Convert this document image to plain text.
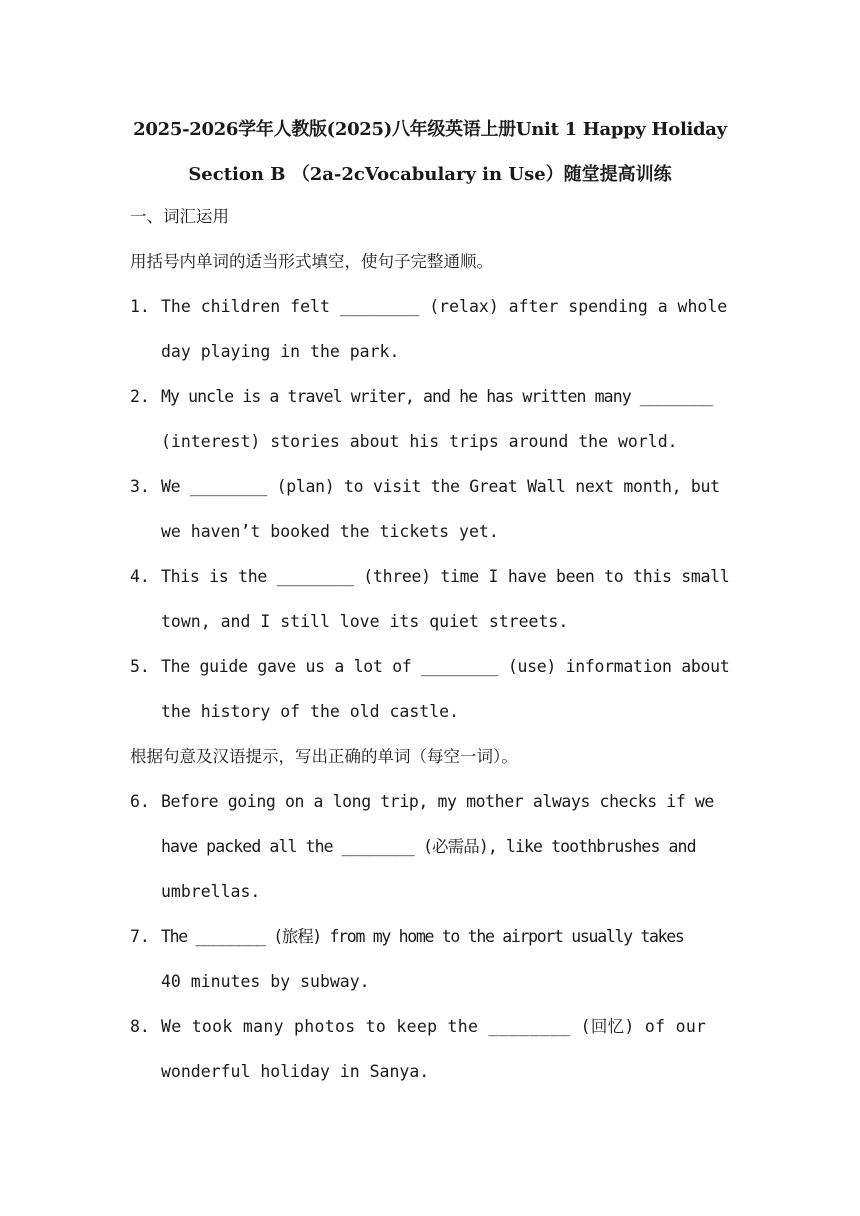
2025-2026学年人教版(2025)八年级英语上册Unit 1 Happy Holiday
Section B （2a-2cVocabulary in Use）随堂提高训练
一、词汇运用
用括号内单词的适当形式填空，使句子完整通顺。
1. The children felt ________ (relax) after spending a whole
day playing in the park.
2. My uncle is a travel writer, and he has written many ________
(interest) stories about his trips around the world.
3. We ________ (plan) to visit the Great Wall next month, but
we haven’t booked the tickets yet.
4. This is the ________ (three) time I have been to this small
town, and I still love its quiet streets.
5. The guide gave us a lot of ________ (use) information about
the history of the old castle.
根据句意及汉语提示，写出正确的单词（每空一词）。
6. Before going on a long trip, my mother always checks if we
have packed all the ________ (必需品), like toothbrushes and
umbrellas.
7. The ________ (旅程) from my home to the airport usually takes
40 minutes by subway.
8. We took many photos to keep the ________ (回忆) of our
wonderful holiday in Sanya.
